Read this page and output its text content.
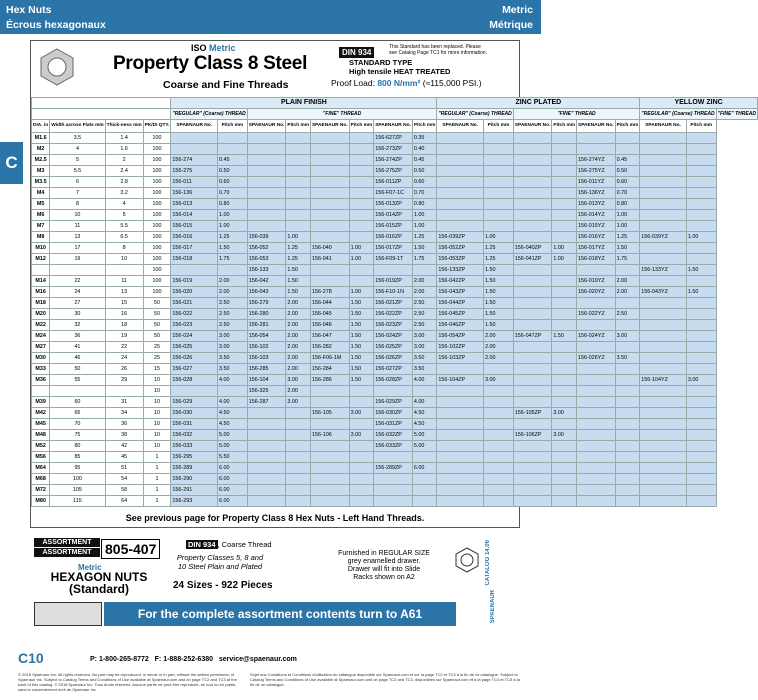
Hex Nuts
Écrous hexagonaux
Metric
Métrique
C
ISO Metric
Property Class 8 Steel
Coarse and Fine Threads
DIN 934
This Standard has been replaced. Please see Catalog Page TC1 for more information.
STANDARD TYPE
High tensile HEAT TREATED
Proof Load: 800 N/mm² (≈115,000 PSI.)
				PLAIN FINISH								ZINC PLATED						YELLOW ZINC		
				"REGULAR" (Coarse) THREAD		"FINE" THREAD						"REGULAR" (Coarse) THREAD		"FINE" THREAD				"REGULAR" (Coarse) THREAD		"FINE" THREAD
DIA. in	Width across Flats mm	Thick-ness mm	PK/DI QTY.	SPAENAUR No.	Pitch mm	SPAENAUR No.	Pitch mm	SPAENAUR No.	Pitch mm	SPAENAUR No.	Pitch mm	SPAENAUR No.	Pitch mm	SPAENAUR No.	Pitch mm	SPAENAUR No.	Pitch mm	SPAENAUR No.	Pitch mm
M1.6	3.5	1.4	100							156-627ZP	0.35								
M2	4	1.6	100							156-273ZP	0.40								
M2.5	5	2	100	156-274	0.45					156-274ZP	0.45					156-274YZ	0.45		
M3	5.5	2.4	100	156-275	0.50					156-275ZP	0.50					156-275YZ	0.50		
M3.5	6	2.8	100	156-011	0.60					156-011ZP	0.60					156-011YZ	0.60		
M4	7	3.2	100	156-136	0.70					156-F07-1C	0.70					156-136YZ	0.70		
M5	8	4	100	156-013	0.80					156-013ZP	0.80					156-013YZ	0.80		
M6	10	5	100	156-014	1.00					156-014ZP	1.00					156-014YZ	1.00		
M7	11	5.5	100	156-015	1.00					156-015ZP	1.00					156-015YZ	1.00		
M8	13	6.5	100	156-016	1.25	156-039	1.00			156-016ZP	1.25	156-039ZP	1.00			156-016YZ	1.25	156-039YZ	1.00
M10	17	8	100	156-017	1.50	156-052	1.25	156-040	1.00	156-017ZP	1.50	156-052ZP	1.25	156-040ZP	1.00	156-017YZ	1.50		
M12	19	10	100	156-018	1.75	156-053	1.25	156-041	1.00	156-F09-1T	1.75	156-053ZP	1.25	156-041ZP	1.00	156-018YZ	1.75		
			100			156-133	1.50					156-133ZP	1.50					156-133YZ	1.50
M14	22	11	100	156-019	2.00	156-042	1.50			156-019ZP	2.00	156-042ZP	1.50			156-019YZ	2.00		
M16	24	13	100	156-020	2.00	156-043	1.50	156-278	1.00	156-F10-1N	2.00	156-043ZP	1.50			156-020YZ	2.00	156-043YZ	1.50
M18	27	15	50	156-021	2.50	156-279	2.00	156-044	1.50	156-021ZP	2.50	156-044ZP	1.50						
M20	30	16	50	156-022	2.50	156-280	2.00	156-045	1.50	156-022ZP	2.50	156-045ZP	1.50			156-022YZ	2.50		
M22	32	18	50	156-023	2.50	156-281	2.00	156-046	1.50	156-023ZP	2.50	156-046ZP	1.50						
M24	36	19	50	156-024	3.00	156-054	2.00	156-047	1.50	156-024ZP	3.00	156-054ZP	2.00	156-047ZP	1.50	156-024YZ	3.00		
M27	41	22	25	156-025	3.00	156-102	2.00	156-282	1.50	156-025ZP	3.00	156-102ZP	2.00						
M30	46	24	25	156-026	3.50	156-103	2.00	156-F06-1M	1.50	156-026ZP	3.50	156-103ZP	2.00			156-026YZ	3.50		
M33	50	26	15	156-027	3.50	156-285	2.00	156-284	1.50	156-027ZP	3.50								
M36	55	29	10	156-028	4.00	156-104	3.00	156-286	1.50	156-028ZP	4.00	156-104ZP	3.00					156-104YZ	3.00
			10			156-325	2.00												
M39	60	31	10	156-029	4.00	156-287	3.00			156-029ZP	4.00								
M42	65	34	10	156-030	4.50			156-105	3.00	156-030ZP	4.50			156-105ZP	3.00				
M45	70	36	10	156-031	4.50					156-031ZP	4.50								
M48	75	38	10	156-032	5.00			156-106	3.00	156-032ZP	5.00			156-106ZP	3.00				
M52	80	42	10	156-033	5.00					156-033ZP	5.00								
M56	85	45	1	156-295	5.50														
M64	95	51	1	156-289	6.00					156-289ZP	6.00								
M68	100	54	1	156-290	6.00														
M72	105	58	1	156-291	6.00														
M80	115	64	1	156-293	6.00														
See previous page for Property Class 8 Hex Nuts - Left Hand Threads.
ASSORTMENT
ASSORTMENT 805-407
Metric
HEXAGON NUTS (Standard)
DIN 934 , Coarse Thread
Property Classes 5, 8 and 10 Steel Plain and Plated
24 Sizes - 922 Pieces
Furnished in REGULAR SIZE grey enamelled drawer. Drawer will fit into Slide Racks shown on A2
For the complete assortment contents turn to A61
CATALOG 14.06
SPAENAUR
C10	P: 1-800-265-8772 F: 1-888-252-6380 service@spaenaur.com
© 2018 Spaenaur Inc. All rights reserved. No part may be reproduced, in whole or in part, without the written permission of Spaenaur Inc. Subject to Catalog Terms and Conditions of Use available at Spaenaur.com and on page TC2 and TC3 at the back of this catalog. © 2018 Spaenaur Inc. Tous droits réservés. Aucune partie ne peut être reproduite, en tout ou en partie, sans le consentement écrit de Spaenaur Inc.
Sujet aux Conditions et Conditions d'utilisation du catalogue disponible sur Spaenaur.com et sur la page TC2 et TC3 à la fin de ce catalogue. Subject to Catalog Terms and Conditions of Use available at Spaenaur.com and on page TC2 and TC3. disponibles sur Spaenaur.com et à la page TC4 et TC5 à la fin de ce catalogue.
